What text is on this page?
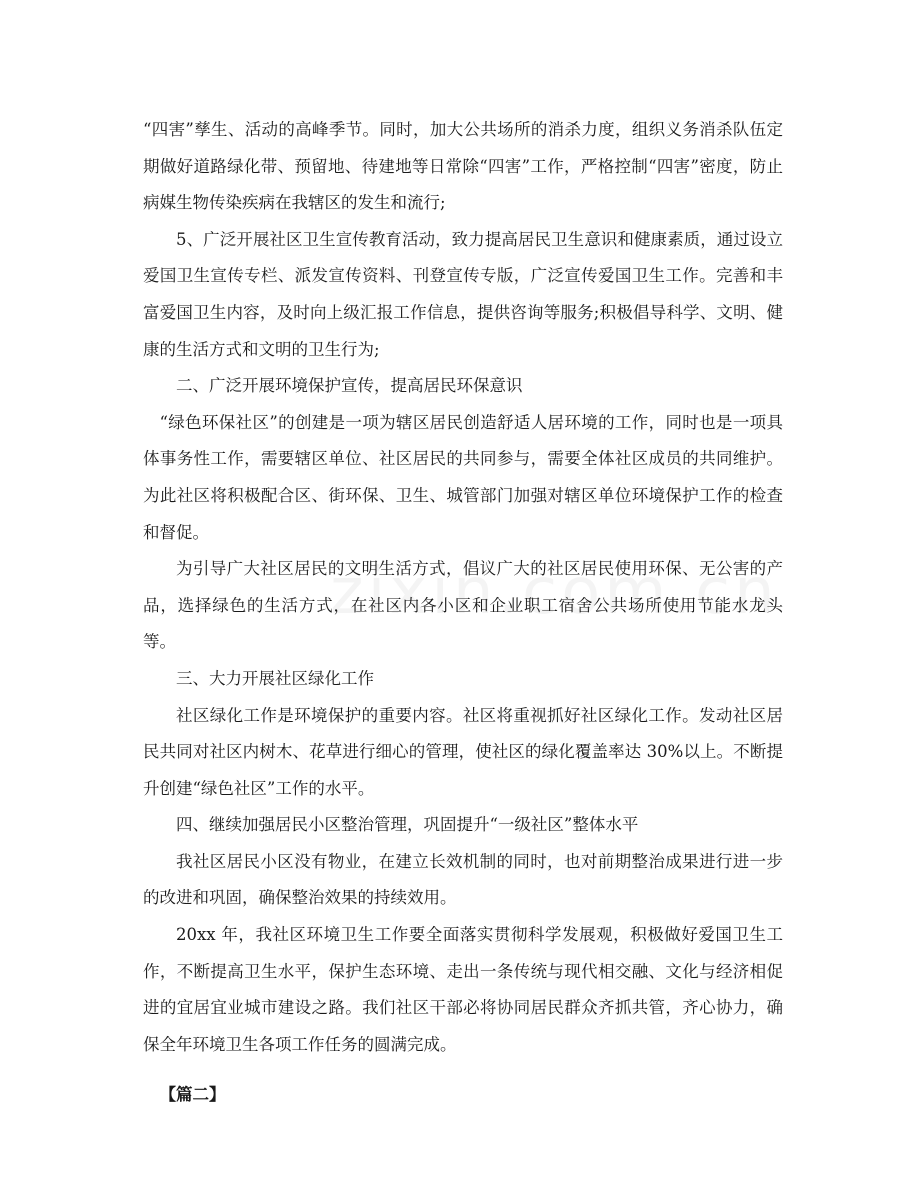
“四害”孳生、活动的高峰季节。同时，加大公共场所的消杀力度，组织义务消杀队伍定期做好道路绿化带、预留地、待建地等日常除“四害”工作，严格控制“四害”密度，防止病媒生物传染疾病在我辖区的发生和流行;

5、广泛开展社区卫生宣传教育活动，致力提高居民卫生意识和健康素质，通过设立爱国卫生宣传专栏、派发宣传资料、刊登宣传专版，广泛宣传爱国卫生工作。完善和丰富爱国卫生内容，及时向上级汇报工作信息，提供咨询等服务;积极倡导科学、文明、健康的生活方式和文明的卫生行为;

二、广泛开展环境保护宣传，提高居民环保意识

“绿色环保社区”的创建是一项为辖区居民创造舒适人居环境的工作，同时也是一项具体事务性工作，需要辖区单位、社区居民的共同参与，需要全体社区成员的共同维护。为此社区将积极配合区、街环保、卫生、城管部门加强对辖区单位环境保护工作的检查和督促。

为引导广大社区居民的文明生活方式，倡议广大的社区居民使用环保、无公害的产品，选择绿色的生活方式，在社区内各小区和企业职工宿舍公共场所使用节能水龙头等。

三、大力开展社区绿化工作

社区绿化工作是环境保护的重要内容。社区将重视抓好社区绿化工作。发动社区居民共同对社区内树木、花草进行细心的管理，使社区的绿化覆盖率达 30%以上。不断提升创建“绿色社区”工作的水平。

四、继续加强居民小区整治管理，巩固提升“一级社区”整体水平

我社区居民小区没有物业，在建立长效机制的同时，也对前期整治成果进行进一步的改进和巩固，确保整治效果的持续效用。

20xx 年，我社区环境卫生工作要全面落实贯彻科学发展观，积极做好爱国卫生工作，不断提高卫生水平，保护生态环境、走出一条传统与现代相交融、文化与经济相促进的宜居宜业城市建设之路。我们社区干部必将协同居民群众齐抓共管，齐心协力，确保全年环境卫生各项工作任务的圆满完成。

【篇二】
